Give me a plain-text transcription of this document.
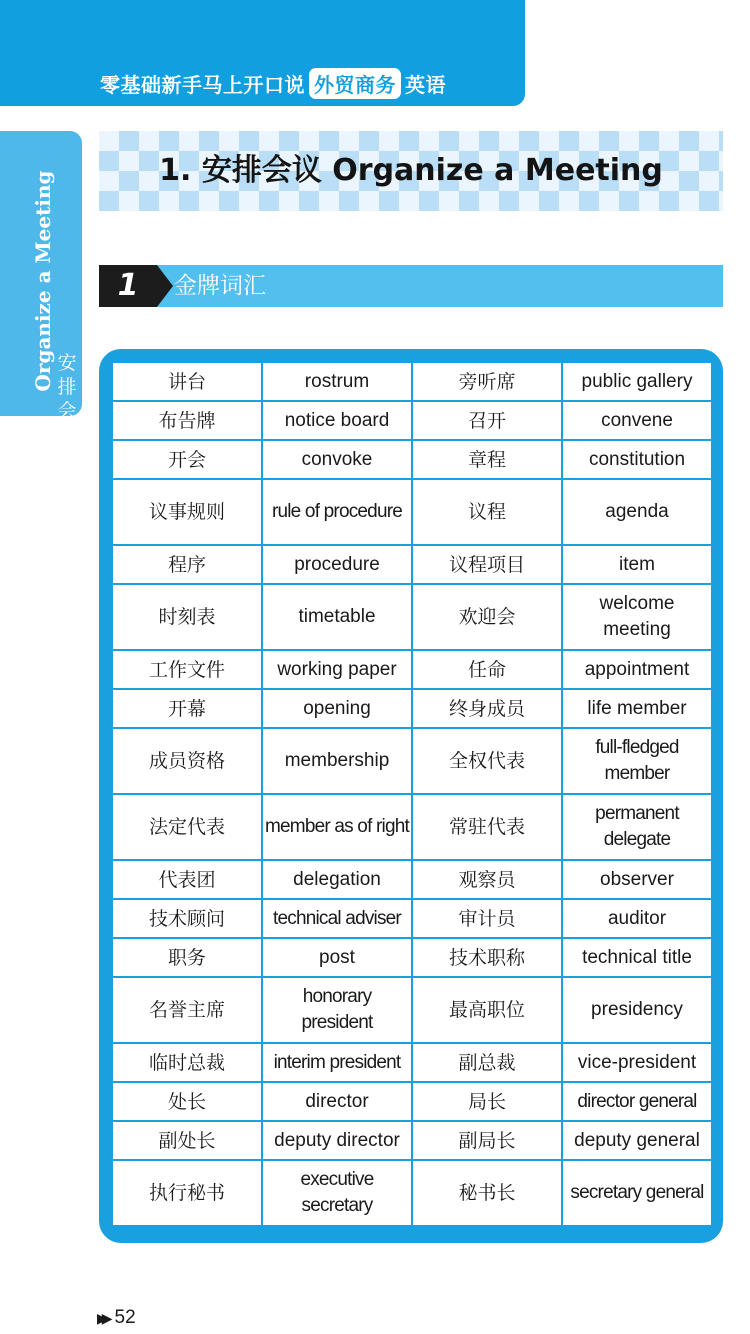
零基础新手马上开口说 外贸商务 英语
Organize a Meeting 安排会议
1. 安排会议 Organize a Meeting
1	金牌词汇
讲台	rostrum	旁听席	public gallery
布告牌	notice board	召开	convene
开会	convoke	章程	constitution
议事规则	rule of procedure	议程	agenda
程序	procedure	议程项目	item
时刻表	timetable	欢迎会	welcome meeting
工作文件	working paper	任命	appointment
开幕	opening	终身成员	life member
成员资格	membership	全权代表	full-fledged member
法定代表	member as of right	常驻代表	permanent delegate
代表团	delegation	观察员	observer
技术顾问	technical adviser	审计员	auditor
职务	post	技术职称	technical title
名誉主席	honorary president	最高职位	presidency
临时总裁	interim president	副总裁	vice-president
处长	director	局长	director general
副处长	deputy director	副局长	deputy general
执行秘书	executive secretary	秘书长	secretary general
▶▶ 52
